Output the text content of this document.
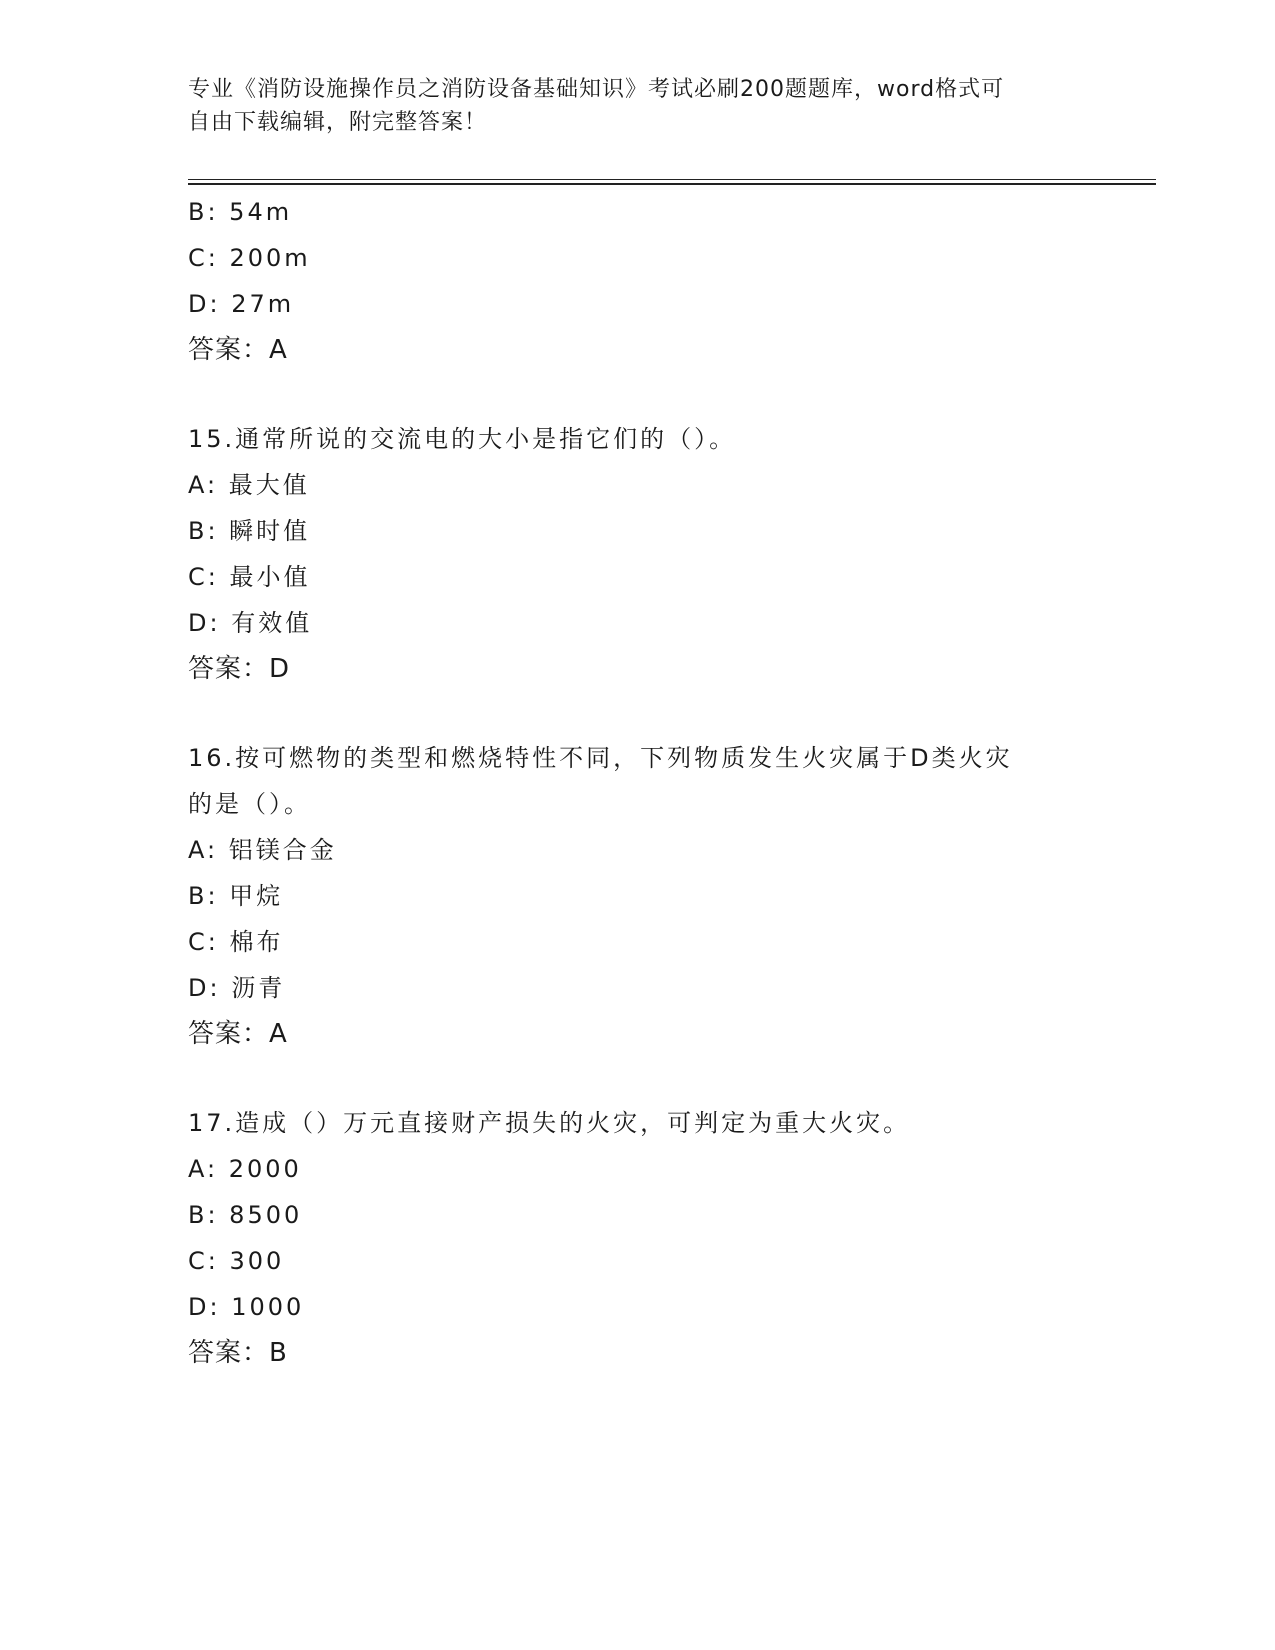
专业《消防设施操作员之消防设备基础知识》考试必刷200题题库，word格式可
自由下载编辑，附完整答案！
B: 54m
C: 200m
D: 27m
答案：A
15.通常所说的交流电的大小是指它们的（）。
A: 最大值
B: 瞬时值
C: 最小值
D: 有效值
答案：D
16.按可燃物的类型和燃烧特性不同，下列物质发生火灾属于D类火灾
的是（）。
A: 铝镁合金
B: 甲烷
C: 棉布
D: 沥青
答案：A
17.造成（）万元直接财产损失的火灾，可判定为重大火灾。
A: 2000
B: 8500
C: 300
D: 1000
答案：B
